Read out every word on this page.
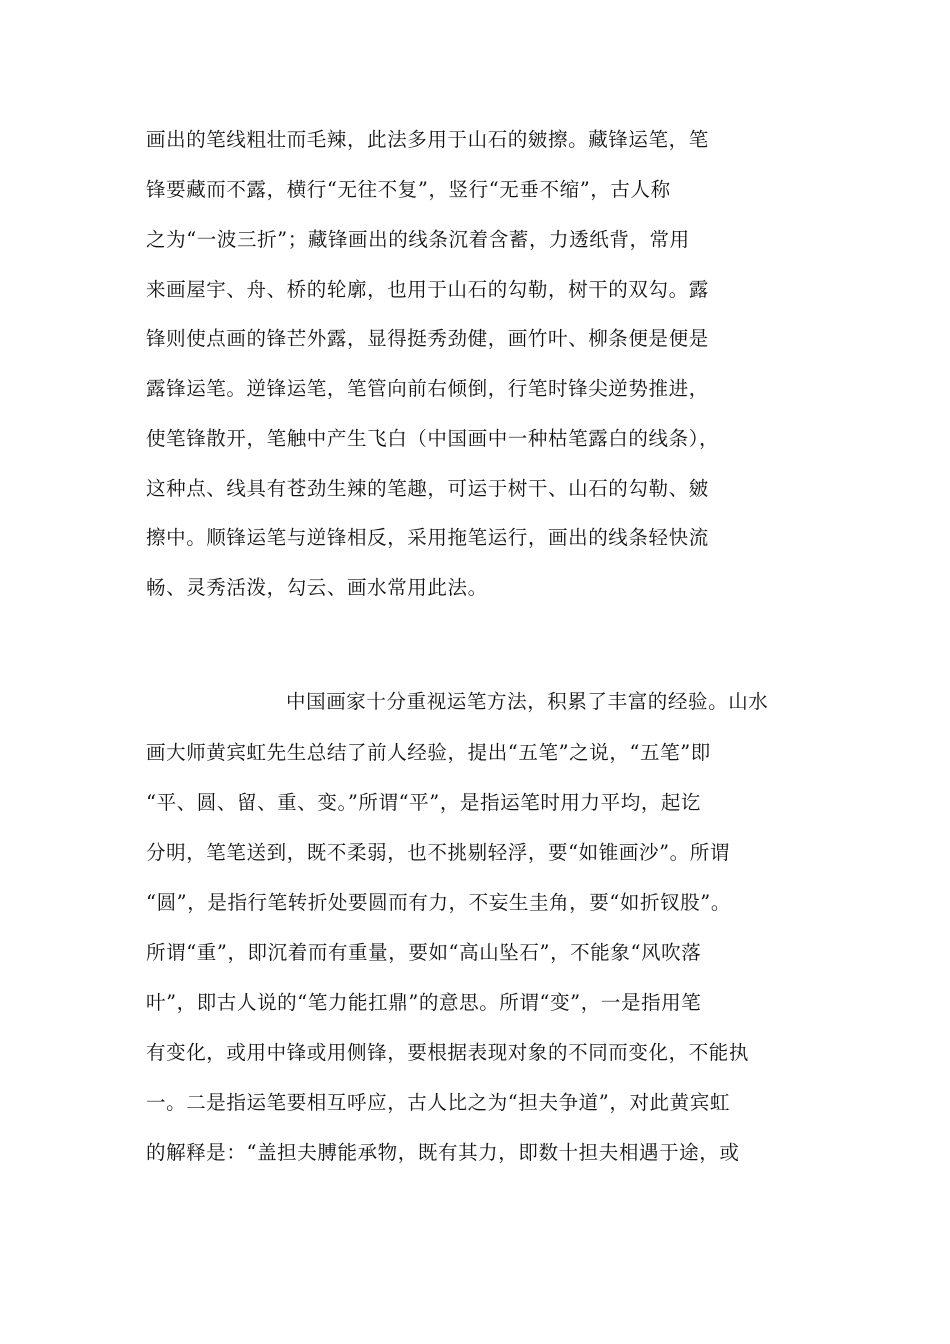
画出的笔线粗壮而毛辣，此法多用于山石的皴擦。藏锋运笔，笔
锋要藏而不露，横行“无往不复”，竖行“无垂不缩”，古人称
之为“一波三折”；藏锋画出的线条沉着含蓄，力透纸背，常用
来画屋宇、舟、桥的轮廓，也用于山石的勾勒，树干的双勾。露
锋则使点画的锋芒外露，显得挺秀劲健，画竹叶、柳条便是便是
露锋运笔。逆锋运笔，笔管向前右倾倒，行笔时锋尖逆势推进，
使笔锋散开，笔触中产生飞白（中国画中一种枯笔露白的线条），
这种点、线具有苍劲生辣的笔趣，可运于树干、山石的勾勒、皴
擦中。顺锋运笔与逆锋相反，采用拖笔运行，画出的线条轻快流
畅、灵秀活泼，勾云、画水常用此法。
中国画家十分重视运笔方法，积累了丰富的经验。山水
画大师黄宾虹先生总结了前人经验，提出“五笔”之说，“五笔”即
“平、圆、留、重、变。”所谓“平”，是指运笔时用力平均，起讫
分明，笔笔送到，既不柔弱，也不挑剔轻浮，要“如锥画沙”。所谓
“圆”，是指行笔转折处要圆而有力，不妄生圭角，要“如折钗股”。
所谓“重”，即沉着而有重量，要如“高山坠石”，不能象“风吹落
叶”，即古人说的“笔力能扛鼎”的意思。所谓“变”，一是指用笔
有变化，或用中锋或用侧锋，要根据表现对象的不同而变化，不能执
一。二是指运笔要相互呼应，古人比之为“担夫争道”，对此黄宾虹
的解释是：“盖担夫膊能承物，既有其力，即数十担夫相遇于途，或
